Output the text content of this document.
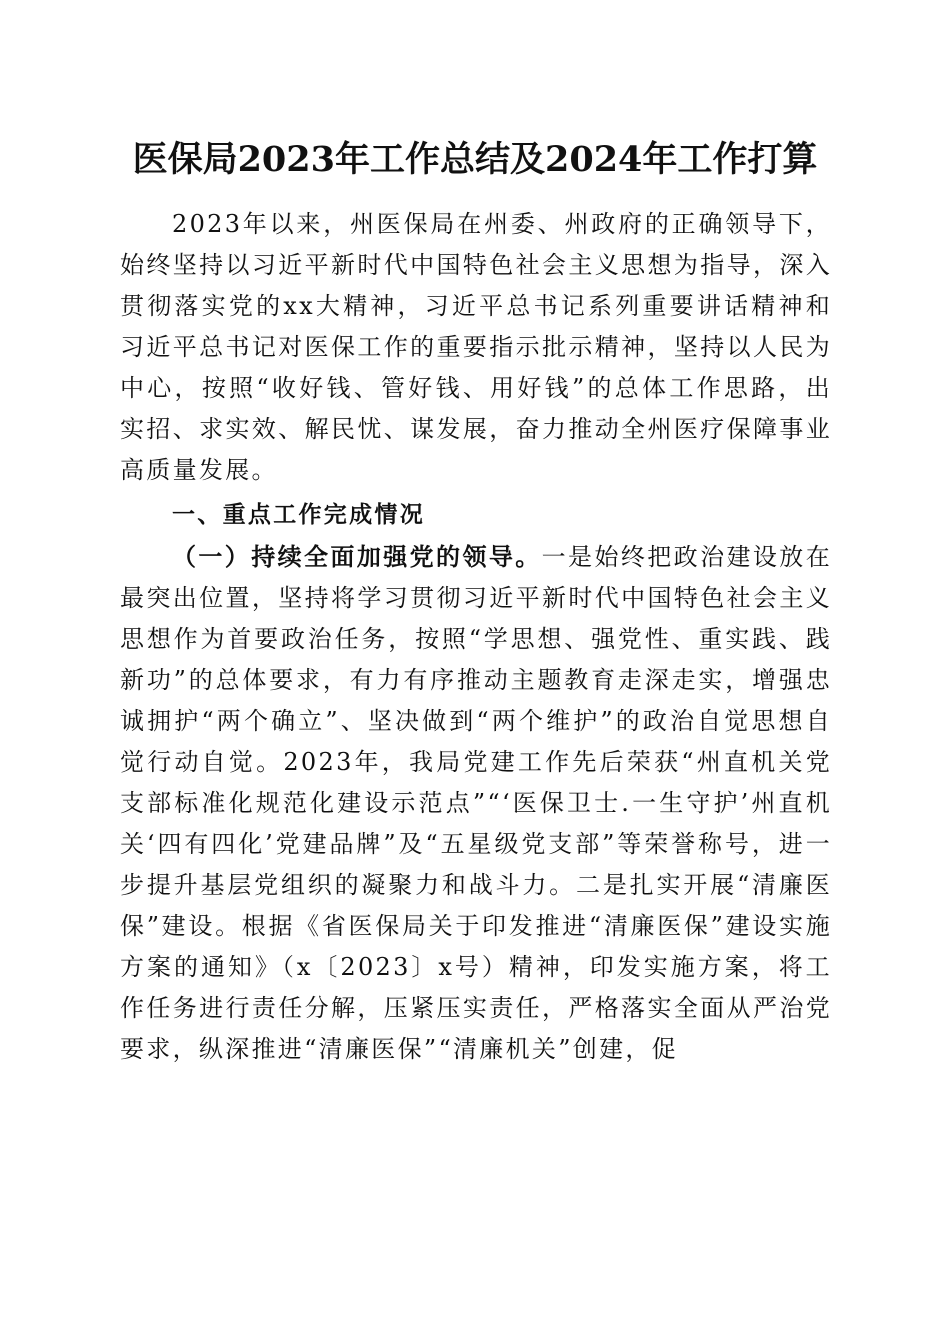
医保局2023年工作总结及2024年工作打算

2023年以来，州医保局在州委、州政府的正确领导下，始终坚持以习近平新时代中国特色社会主义思想为指导，深入贯彻落实党的xx大精神，习近平总书记系列重要讲话精神和习近平总书记对医保工作的重要指示批示精神，坚持以人民为中心，按照“收好钱、管好钱、用好钱”的总体工作思路，出实招、求实效、解民忧、谋发展，奋力推动全州医疗保障事业高质量发展。

一、重点工作完成情况

（一）持续全面加强党的领导。一是始终把政治建设放在最突出位置，坚持将学习贯彻习近平新时代中国特色社会主义思想作为首要政治任务，按照“学思想、强党性、重实践、践新功”的总体要求，有力有序推动主题教育走深走实，增强忠诚拥护“两个确立”、坚决做到“两个维护”的政治自觉思想自觉行动自觉。2023年，我局党建工作先后荣获“州直机关党支部标准化规范化建设示范点”“‘医保卫士.一生守护’州直机关‘四有四化’党建品牌”及“五星级党支部”等荣誉称号，进一步提升基层党组织的凝聚力和战斗力。二是扎实开展“清廉医保”建设。根据《省医保局关于印发推进“清廉医保”建设实施方案的通知》（x〔2023〕x号）精神，印发实施方案，将工作任务进行责任分解，压紧压实责任，严格落实全面从严治党要求，纵深推进“清廉医保”“清廉机关”创建，促
